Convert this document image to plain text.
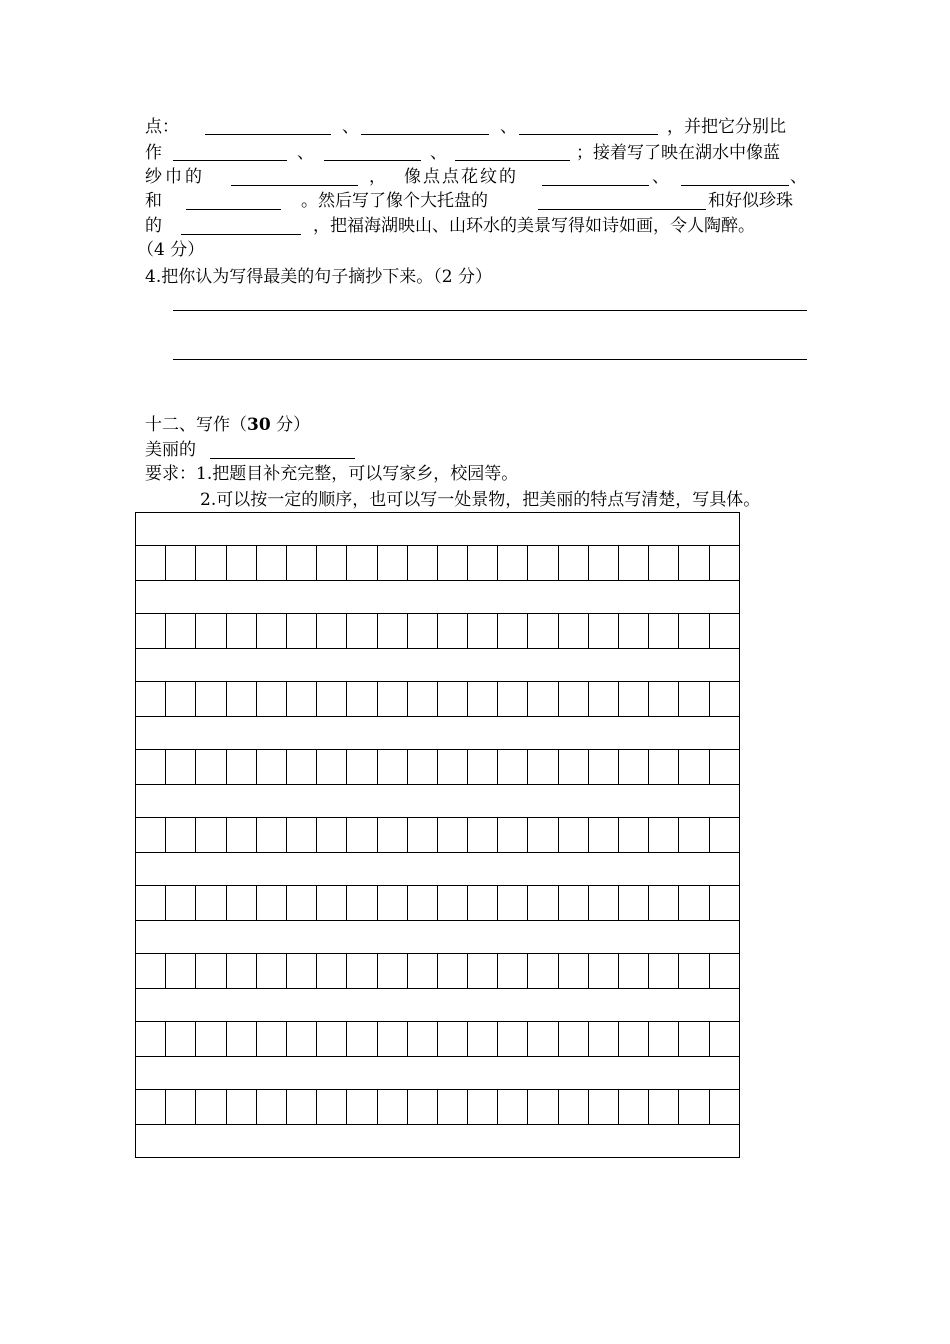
点：	、	、	，并把它分别比
作	、	、	；接着写了映在湖水中像蓝
纱巾的	， 像点点花纹的	、	、
和	。然后写了像个大托盘的	和好似珍珠
的	，把福海湖映山、山环水的美景写得如诗如画，令人陶醉。
（4 分）
4.把你认为写得最美的句子摘抄下来。（2 分）
十二、写作（30 分）
美丽的
要求：1.把题目补充完整，可以写家乡，校园等。
2.可以按一定的顺序，也可以写一处景物，把美丽的特点写清楚，写具体。
